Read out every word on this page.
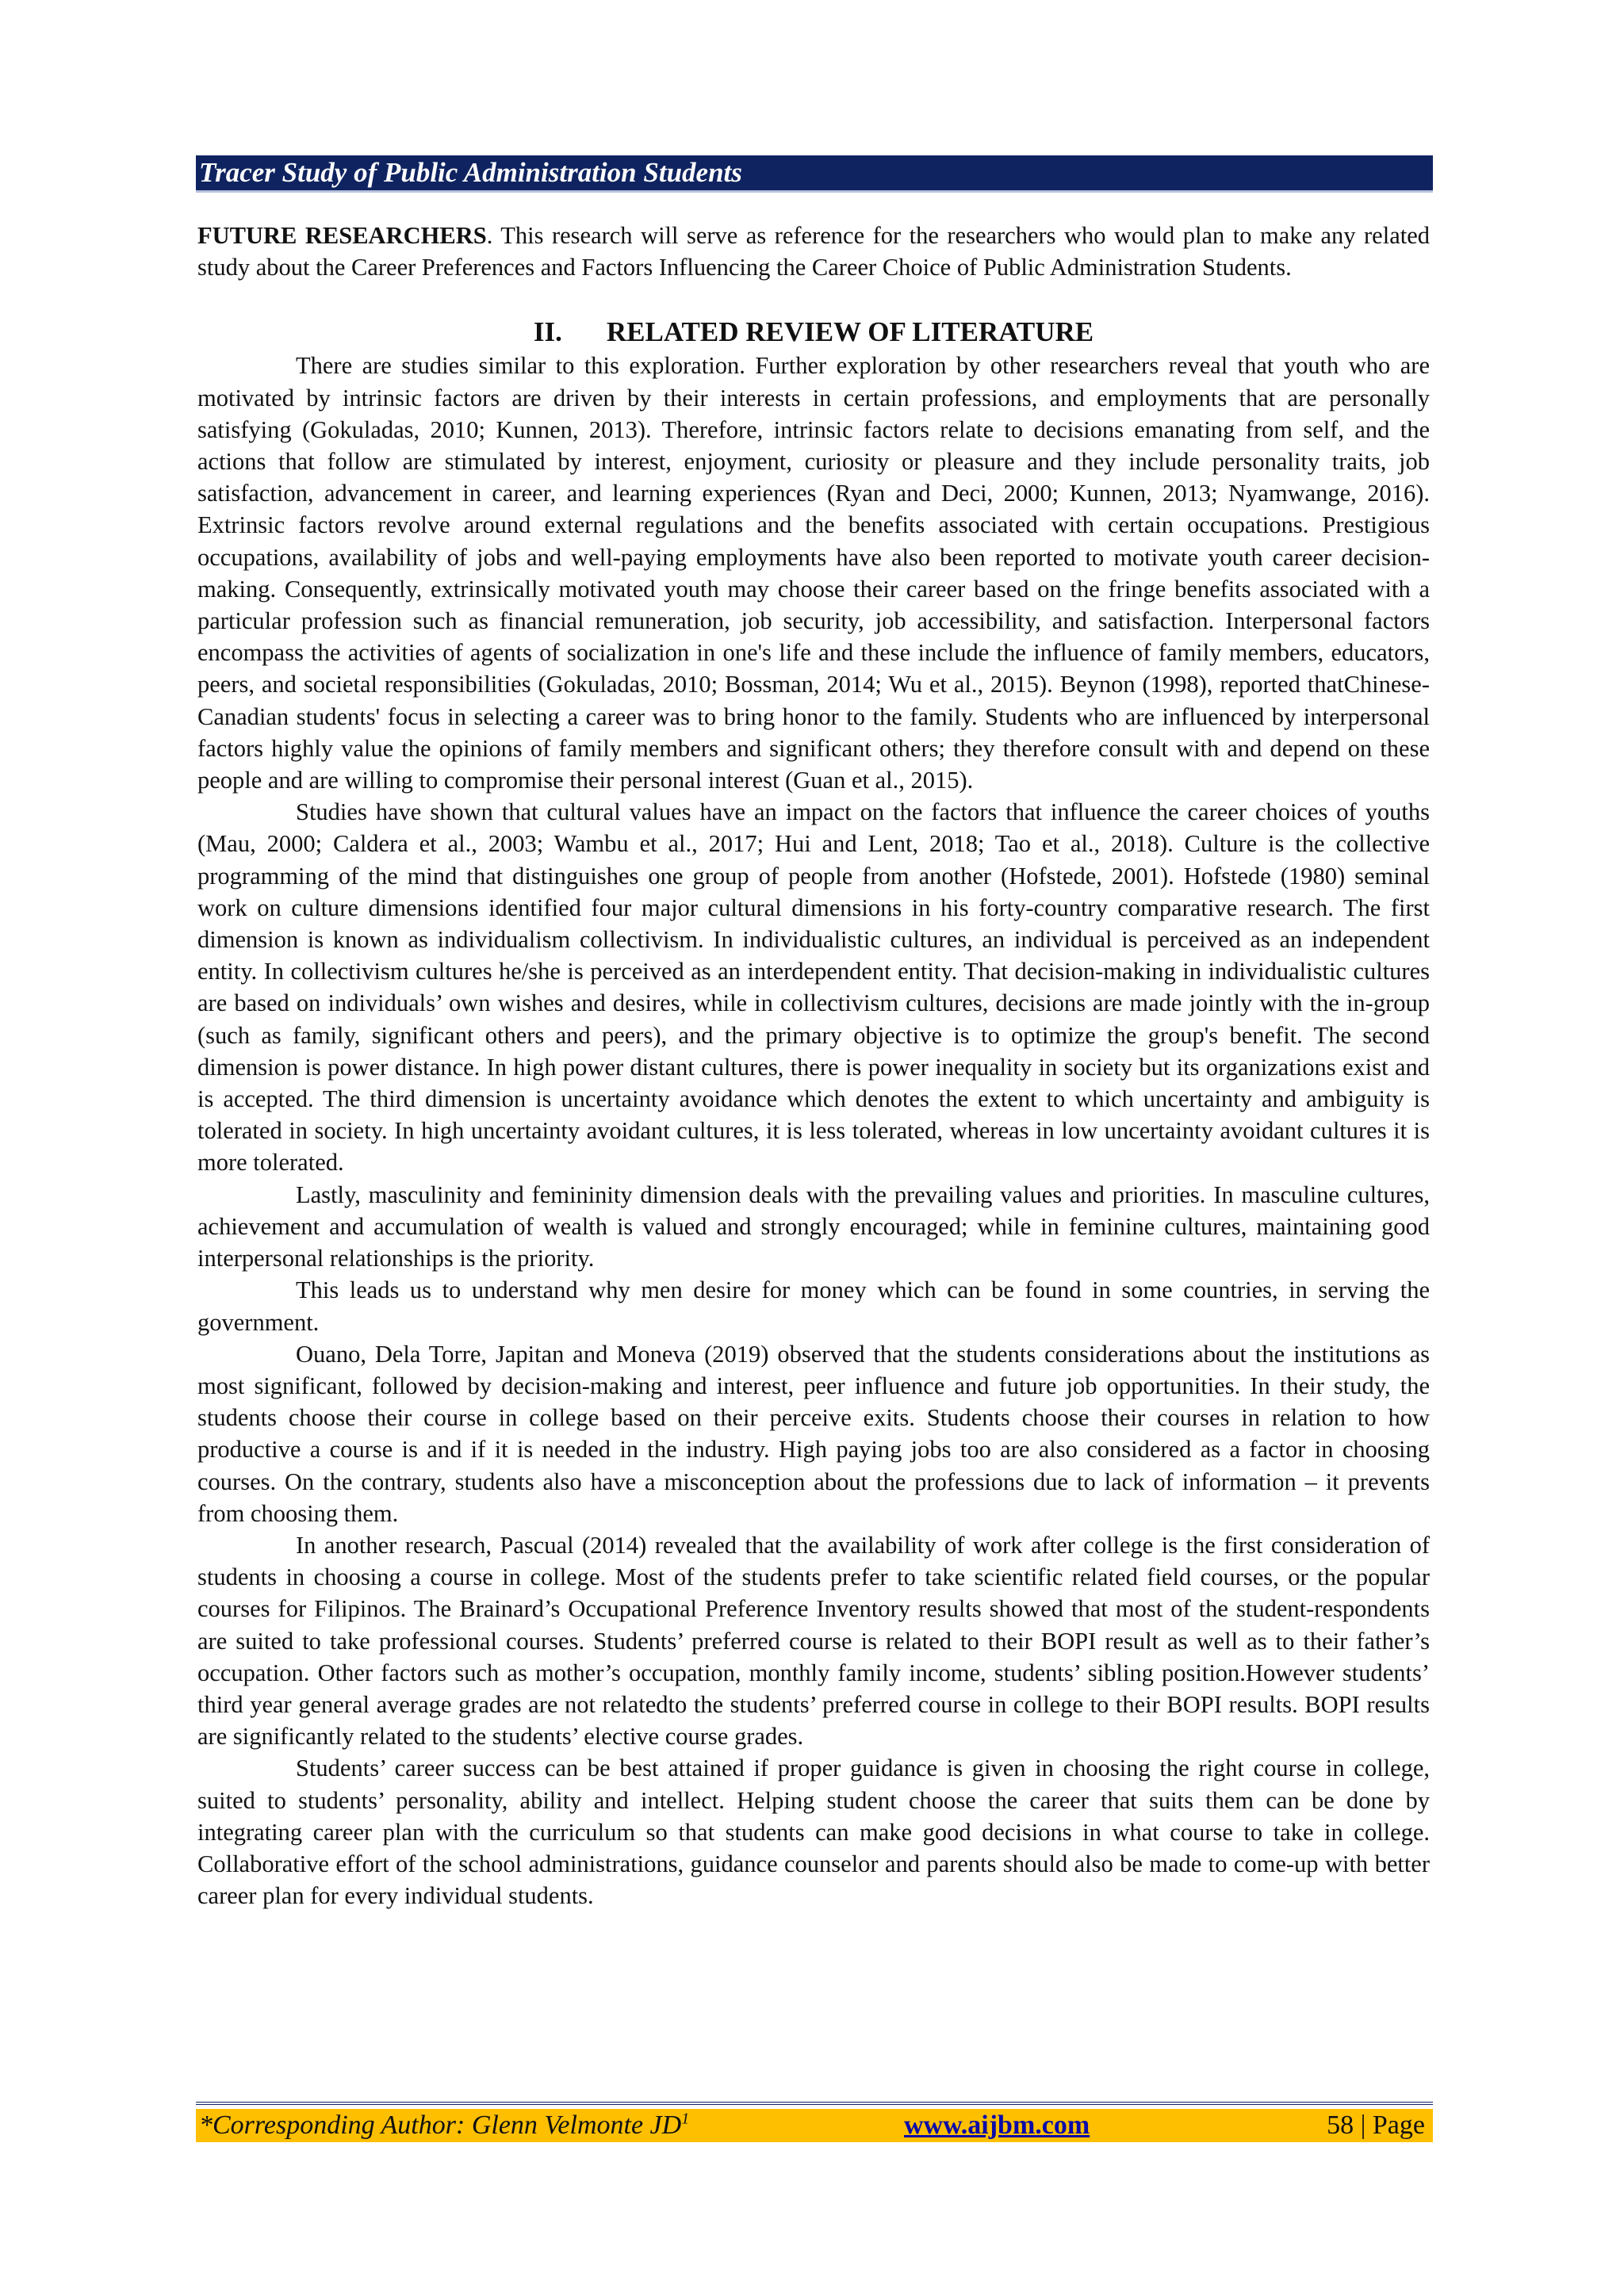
Tracer Study of Public Administration Students

FUTURE RESEARCHERS. This research will serve as reference for the researchers who would plan to make any related study about the Career Preferences and Factors Influencing the Career Choice of Public Administration Students.

II. RELATED REVIEW OF LITERATURE

There are studies similar to this exploration. Further exploration by other researchers reveal that youth who are motivated by intrinsic factors are driven by their interests in certain professions, and employments that are personally satisfying (Gokuladas, 2010; Kunnen, 2013). Therefore, intrinsic factors relate to decisions emanating from self, and the actions that follow are stimulated by interest, enjoyment, curiosity or pleasure and they include personality traits, job satisfaction, advancement in career, and learning experiences (Ryan and Deci, 2000; Kunnen, 2013; Nyamwange, 2016). Extrinsic factors revolve around external regulations and the benefits associated with certain occupations. Prestigious occupations, availability of jobs and well-paying employments have also been reported to motivate youth career decision-making. Consequently, extrinsically motivated youth may choose their career based on the fringe benefits associated with a particular profession such as financial remuneration, job security, job accessibility, and satisfaction. Interpersonal factors encompass the activities of agents of socialization in one's life and these include the influence of family members, educators, peers, and societal responsibilities (Gokuladas, 2010; Bossman, 2014; Wu et al., 2015). Beynon (1998), reported thatChinese-Canadian students' focus in selecting a career was to bring honor to the family. Students who are influenced by interpersonal factors highly value the opinions of family members and significant others; they therefore consult with and depend on these people and are willing to compromise their personal interest (Guan et al., 2015).

Studies have shown that cultural values have an impact on the factors that influence the career choices of youths (Mau, 2000; Caldera et al., 2003; Wambu et al., 2017; Hui and Lent, 2018; Tao et al., 2018). Culture is the collective programming of the mind that distinguishes one group of people from another (Hofstede, 2001). Hofstede (1980) seminal work on culture dimensions identified four major cultural dimensions in his forty-country comparative research. The first dimension is known as individualism collectivism. In individualistic cultures, an individual is perceived as an independent entity. In collectivism cultures he/she is perceived as an interdependent entity. That decision-making in individualistic cultures are based on individuals’ own wishes and desires, while in collectivism cultures, decisions are made jointly with the in-group (such as family, significant others and peers), and the primary objective is to optimize the group's benefit. The second dimension is power distance. In high power distant cultures, there is power inequality in society but its organizations exist and is accepted. The third dimension is uncertainty avoidance which denotes the extent to which uncertainty and ambiguity is tolerated in society. In high uncertainty avoidant cultures, it is less tolerated, whereas in low uncertainty avoidant cultures it is more tolerated.

Lastly, masculinity and femininity dimension deals with the prevailing values and priorities. In masculine cultures, achievement and accumulation of wealth is valued and strongly encouraged; while in feminine cultures, maintaining good interpersonal relationships is the priority.

This leads us to understand why men desire for money which can be found in some countries, in serving the government.

Ouano, Dela Torre, Japitan and Moneva (2019) observed that the students considerations about the institutions as most significant, followed by decision-making and interest, peer influence and future job opportunities. In their study, the students choose their course in college based on their perceive exits. Students choose their courses in relation to how productive a course is and if it is needed in the industry. High paying jobs too are also considered as a factor in choosing courses. On the contrary, students also have a misconception about the professions due to lack of information – it prevents from choosing them.

In another research, Pascual (2014) revealed that the availability of work after college is the first consideration of students in choosing a course in college. Most of the students prefer to take scientific related field courses, or the popular courses for Filipinos. The Brainard’s Occupational Preference Inventory results showed that most of the student-respondents are suited to take professional courses. Students’ preferred course is related to their BOPI result as well as to their father’s occupation. Other factors such as mother’s occupation, monthly family income, students’ sibling position.However students’ third year general average grades are not relatedto the students’ preferred course in college to their BOPI results. BOPI results are significantly related to the students’ elective course grades.

Students’ career success can be best attained if proper guidance is given in choosing the right course in college, suited to students’ personality, ability and intellect. Helping student choose the career that suits them can be done by integrating career plan with the curriculum so that students can make good decisions in what course to take in college. Collaborative effort of the school administrations, guidance counselor and parents should also be made to come-up with better career plan for every individual students.

*Corresponding Author: Glenn Velmonte $JD^1$	www.aijbm.com	58 | Page
